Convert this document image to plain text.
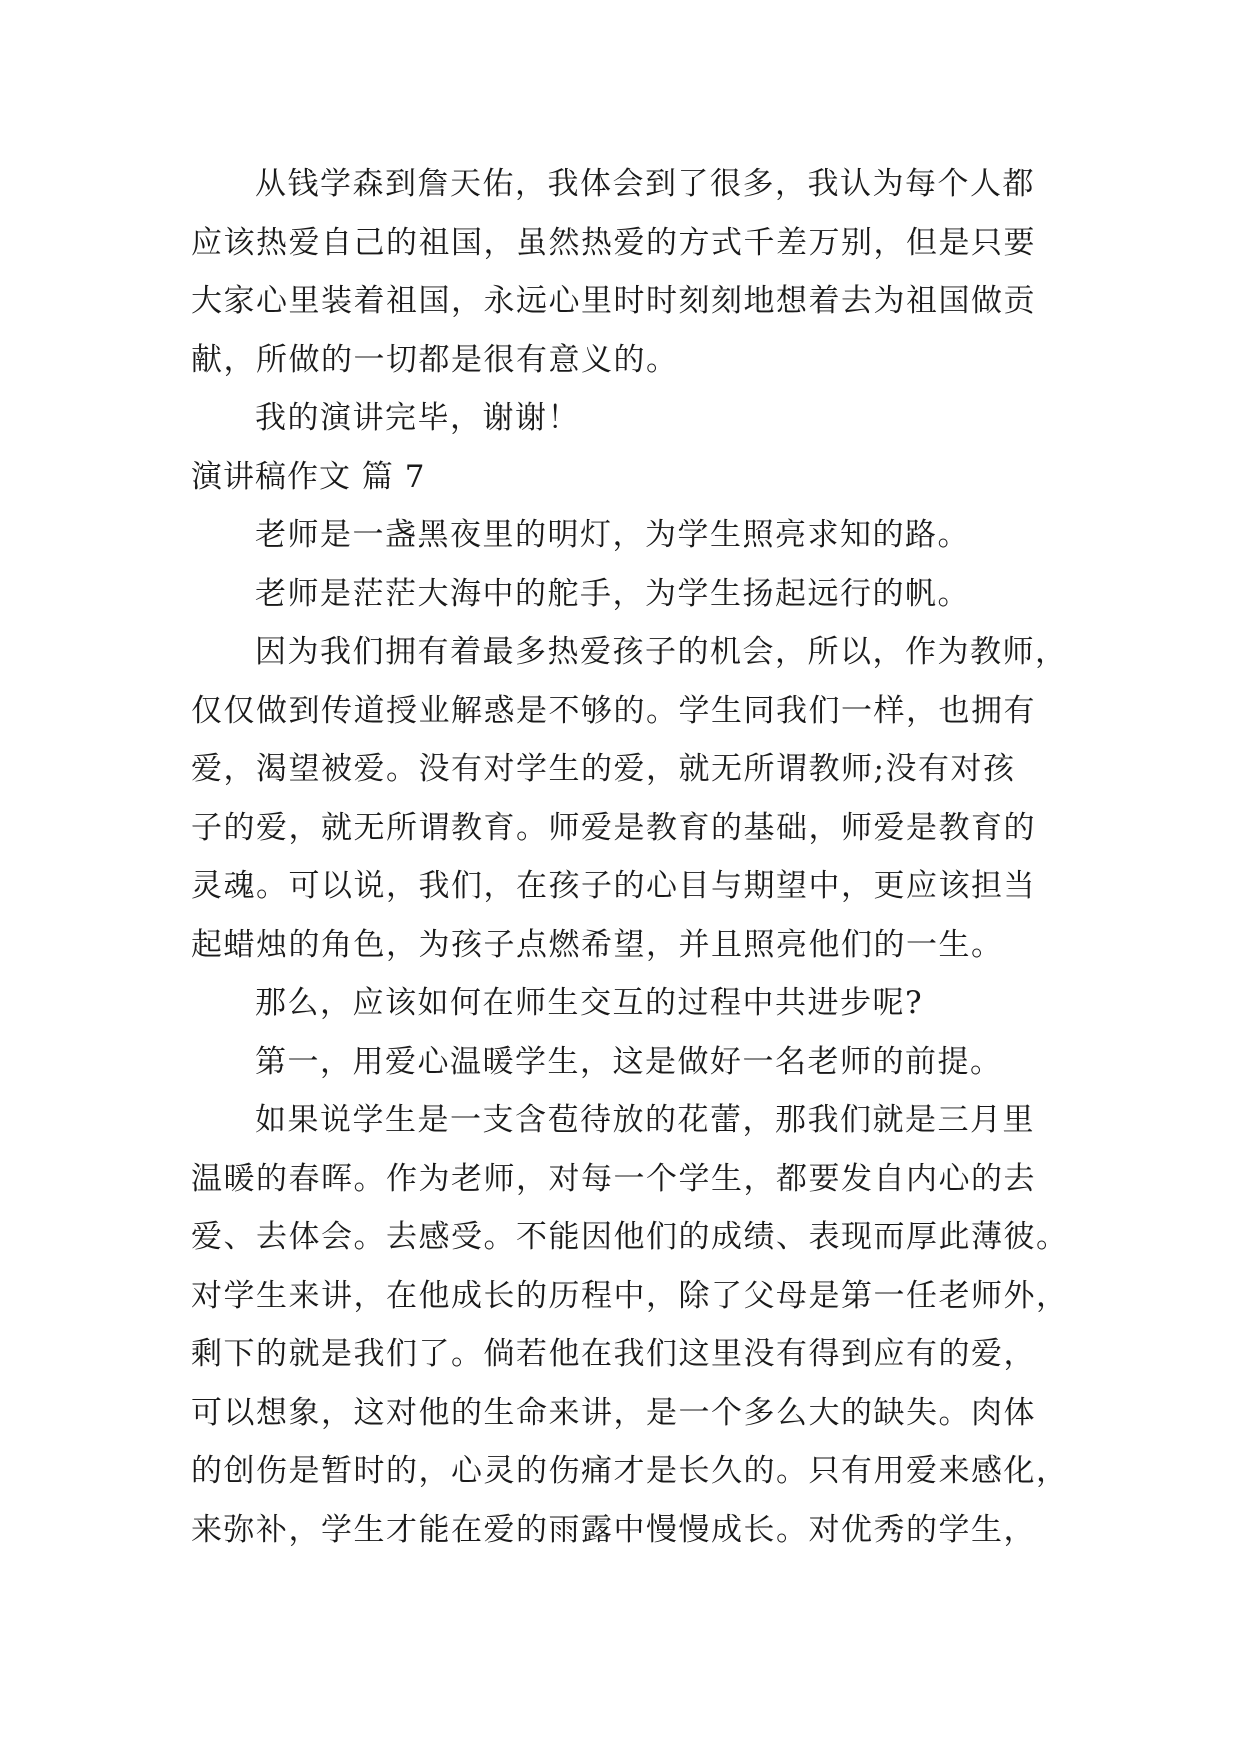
从钱学森到詹天佑，我体会到了很多，我认为每个人都
应该热爱自己的祖国，虽然热爱的方式千差万别，但是只要
大家心里装着祖国，永远心里时时刻刻地想着去为祖国做贡
献，所做的一切都是很有意义的。
我的演讲完毕，谢谢！
演讲稿作文 篇 7
老师是一盏黑夜里的明灯，为学生照亮求知的路。
老师是茫茫大海中的舵手，为学生扬起远行的帆。
因为我们拥有着最多热爱孩子的机会，所以，作为教师，
仅仅做到传道授业解惑是不够的。学生同我们一样，也拥有
爱，渴望被爱。没有对学生的爱，就无所谓教师;没有对孩
子的爱，就无所谓教育。师爱是教育的基础，师爱是教育的
灵魂。可以说，我们，在孩子的心目与期望中，更应该担当
起蜡烛的角色，为孩子点燃希望，并且照亮他们的一生。
那么，应该如何在师生交互的过程中共进步呢?
第一，用爱心温暖学生，这是做好一名老师的前提。
如果说学生是一支含苞待放的花蕾，那我们就是三月里
温暖的春晖。作为老师，对每一个学生，都要发自内心的去
爱、去体会。去感受。不能因他们的成绩、表现而厚此薄彼。
对学生来讲，在他成长的历程中，除了父母是第一任老师外，
剩下的就是我们了。倘若他在我们这里没有得到应有的爱，
可以想象，这对他的生命来讲，是一个多么大的缺失。肉体
的创伤是暂时的，心灵的伤痛才是长久的。只有用爱来感化，
来弥补，学生才能在爱的雨露中慢慢成长。对优秀的学生，
